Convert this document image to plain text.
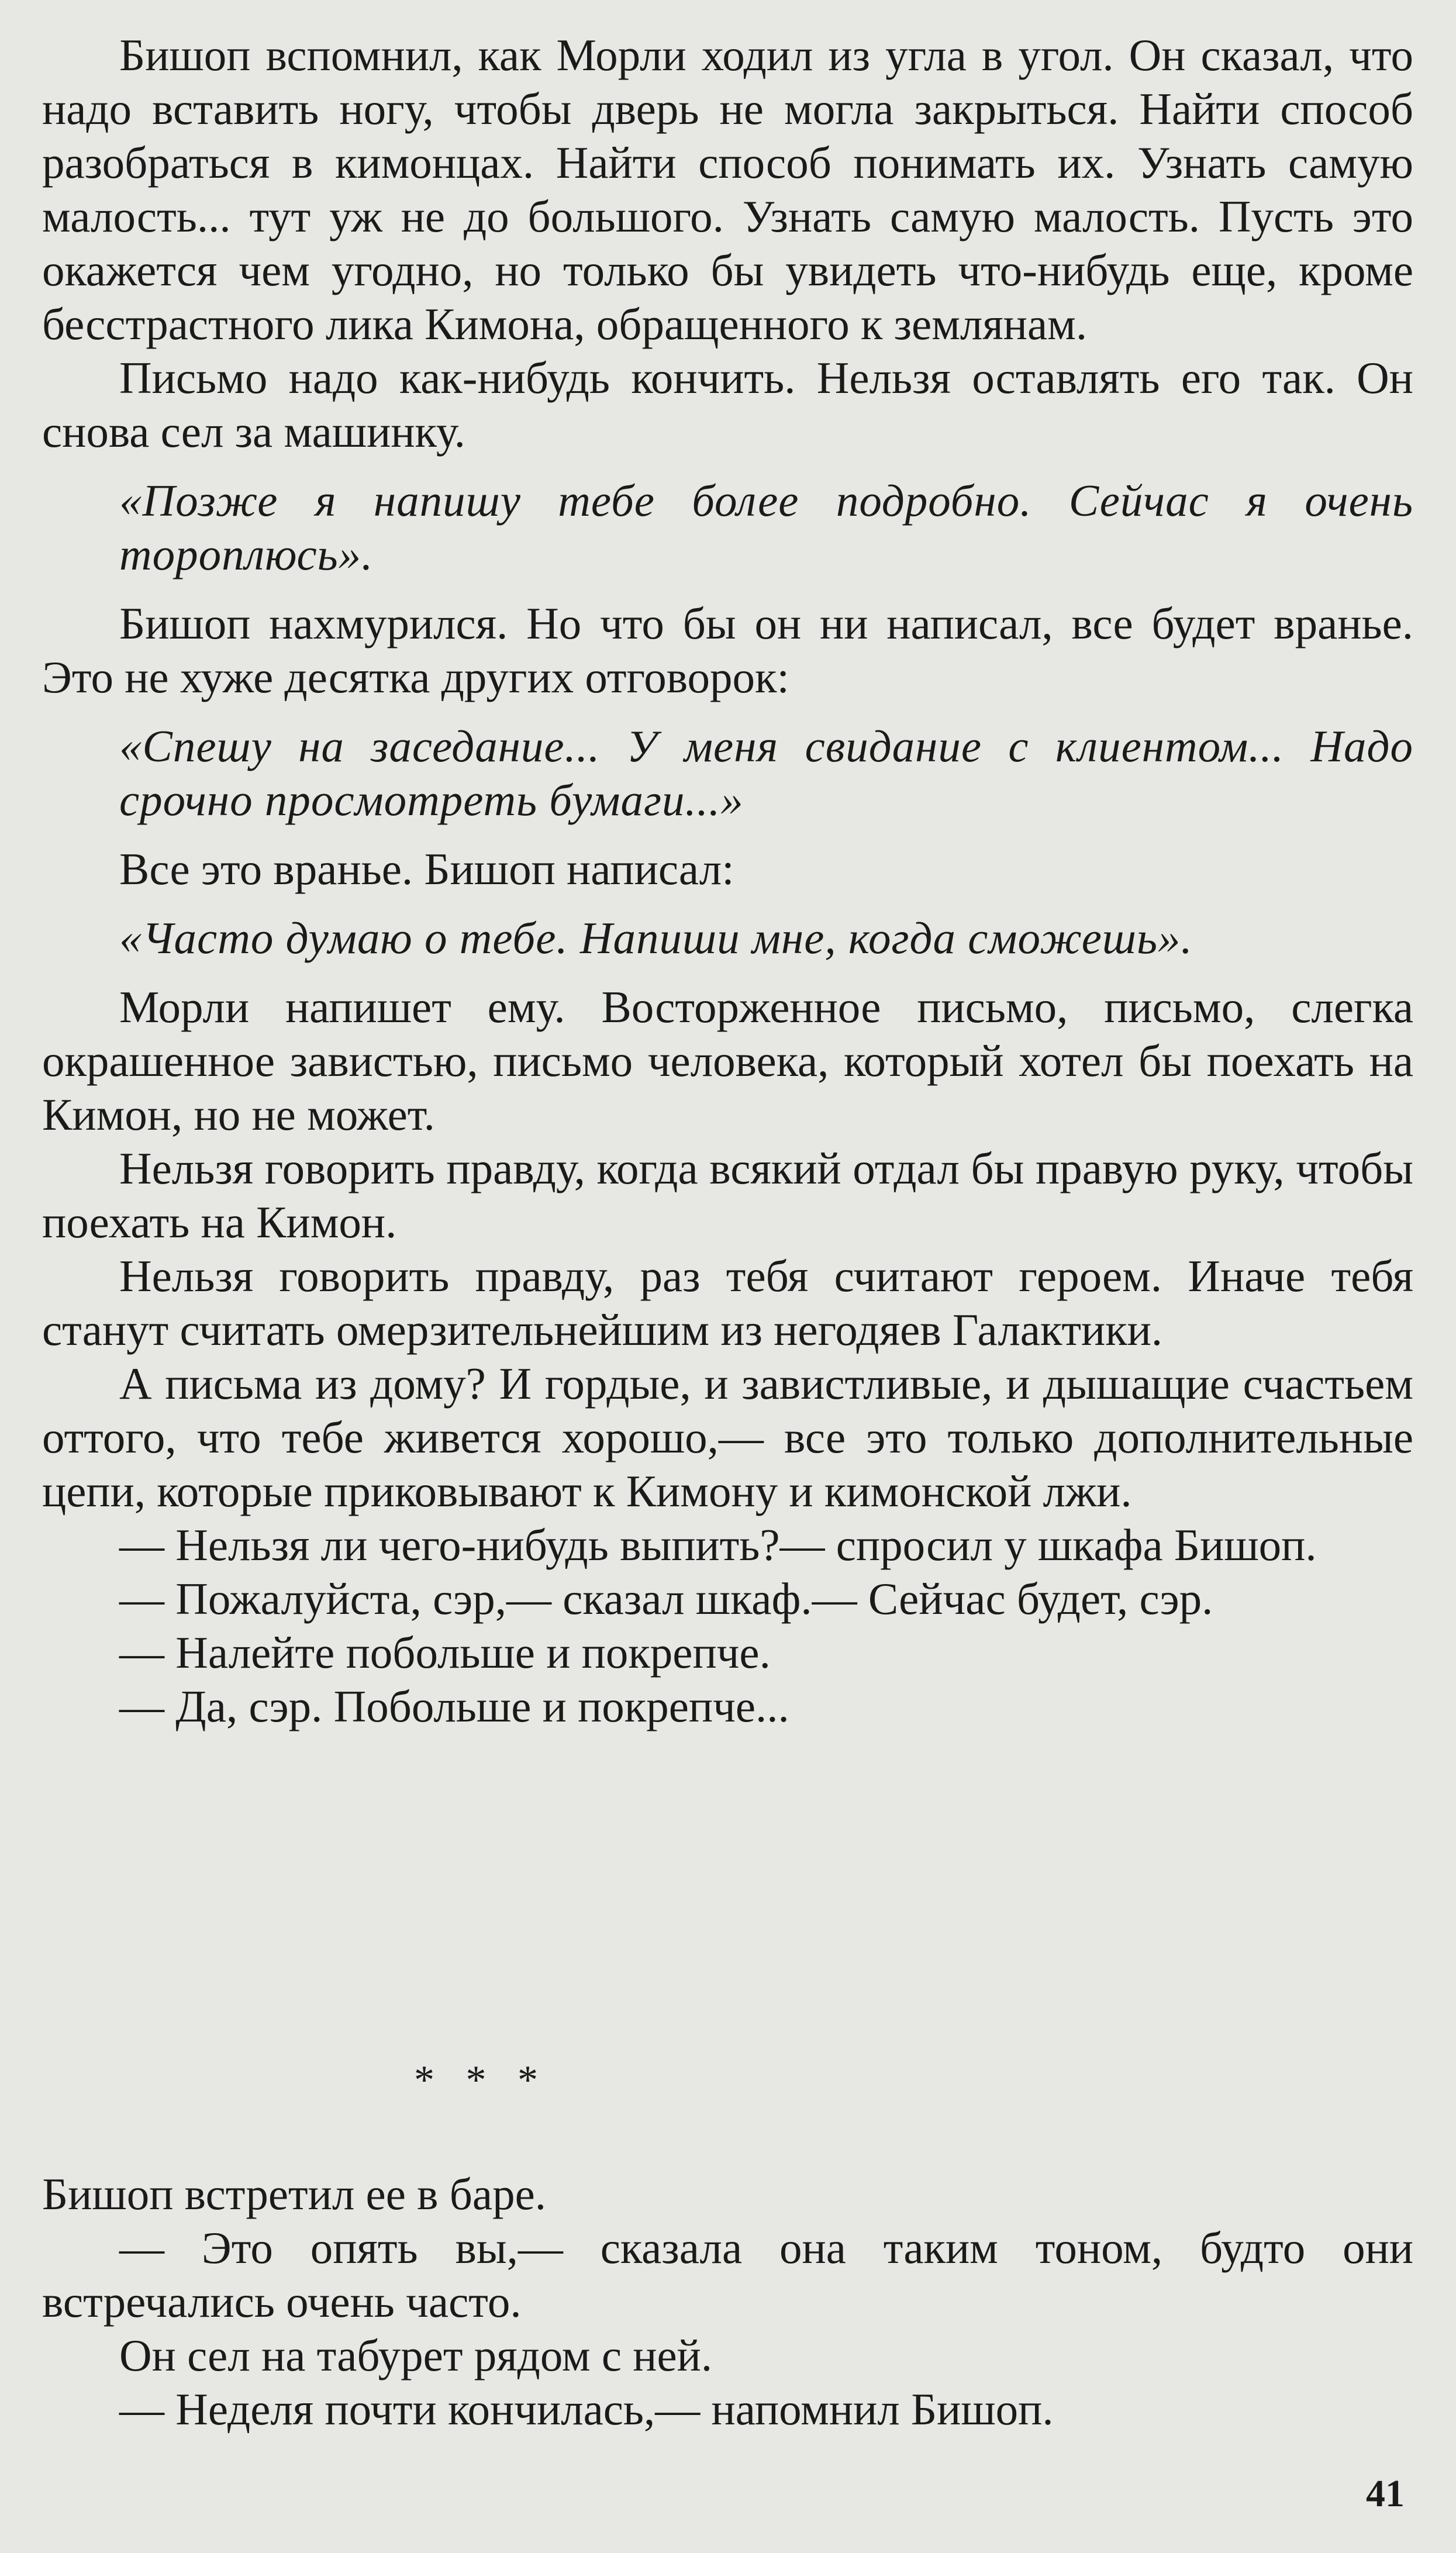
Бишоп вспомнил, как Морли ходил из угла в угол. Он сказал, что надо вставить ногу, чтобы дверь не могла закрыться. Найти способ разобраться в кимонцах. Найти способ понимать их. Узнать самую малость... тут уж не до большого. Узнать самую малость. Пусть это окажется чем угодно, но только бы увидеть что-нибудь еще, кроме бесстрастного лика Кимона, обращенного к землянам.

Письмо надо как-нибудь кончить. Нельзя оставлять его так. Он снова сел за машинку.

«Позже я напишу тебе более подробно. Сейчас я очень тороплюсь».

Бишоп нахмурился. Но что бы он ни написал, все будет вранье. Это не хуже десятка других отговорок:

«Спешу на заседание... У меня свидание с клиентом... Надо срочно просмотреть бумаги...»

Все это вранье. Бишоп написал:

«Часто думаю о тебе. Напиши мне, когда сможешь».

Морли напишет ему. Восторженное письмо, письмо, слегка окрашенное завистью, письмо человека, который хотел бы поехать на Кимон, но не может.

Нельзя говорить правду, когда всякий отдал бы правую руку, чтобы поехать на Кимон.

Нельзя говорить правду, раз тебя считают героем. Иначе тебя станут считать омерзительнейшим из негодяев Галактики.

А письма из дому? И гордые, и завистливые, и дышащие счастьем оттого, что тебе живется хорошо,— все это только дополнительные цепи, которые приковывают к Кимону и кимонской лжи.

— Нельзя ли чего-нибудь выпить?— спросил у шкафа Бишоп.

— Пожалуйста, сэр,— сказал шкаф.— Сейчас будет, сэр.

— Налейте побольше и покрепче.

— Да, сэр. Побольше и покрепче...

* * *

Бишоп встретил ее в баре.

— Это опять вы,— сказала она таким тоном, будто они встречались очень часто.

Он сел на табурет рядом с ней.

— Неделя почти кончилась,— напомнил Бишоп.

41
